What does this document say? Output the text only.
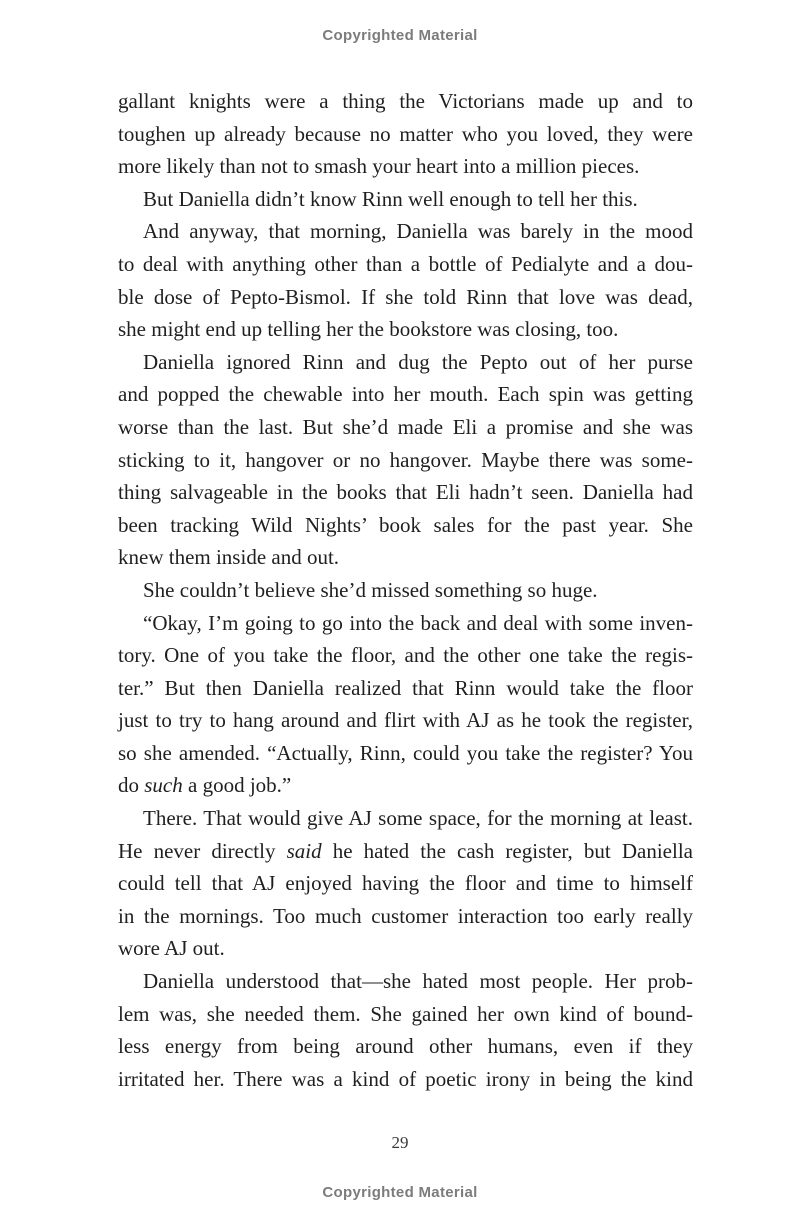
Copyrighted Material
gallant knights were a thing the Victorians made up and to
toughen up already because no matter who you loved, they were
more likely than not to smash your heart into a million pieces.
But Daniella didn’t know Rinn well enough to tell her this.
And anyway, that morning, Daniella was barely in the mood
to deal with anything other than a bottle of Pedialyte and a dou-
ble dose of Pepto-Bismol. If she told Rinn that love was dead,
she might end up telling her the bookstore was closing, too.
Daniella ignored Rinn and dug the Pepto out of her purse
and popped the chewable into her mouth. Each spin was getting
worse than the last. But she’d made Eli a promise and she was
sticking to it, hangover or no hangover. Maybe there was some-
thing salvageable in the books that Eli hadn’t seen. Daniella had
been tracking Wild Nights’ book sales for the past year. She
knew them inside and out.
She couldn’t believe she’d missed something so huge.
“Okay, I’m going to go into the back and deal with some inven-
tory. One of you take the floor, and the other one take the regis-
ter.” But then Daniella realized that Rinn would take the floor
just to try to hang around and flirt with AJ as he took the register,
so she amended. “Actually, Rinn, could you take the register? You
do such a good job.”
There. That would give AJ some space, for the morning at least.
He never directly said he hated the cash register, but Daniella
could tell that AJ enjoyed having the floor and time to himself
in the mornings. Too much customer interaction too early really
wore AJ out.
Daniella understood that—she hated most people. Her prob-
lem was, she needed them. She gained her own kind of bound-
less energy from being around other humans, even if they
irritated her. There was a kind of poetic irony in being the kind
29
Copyrighted Material
